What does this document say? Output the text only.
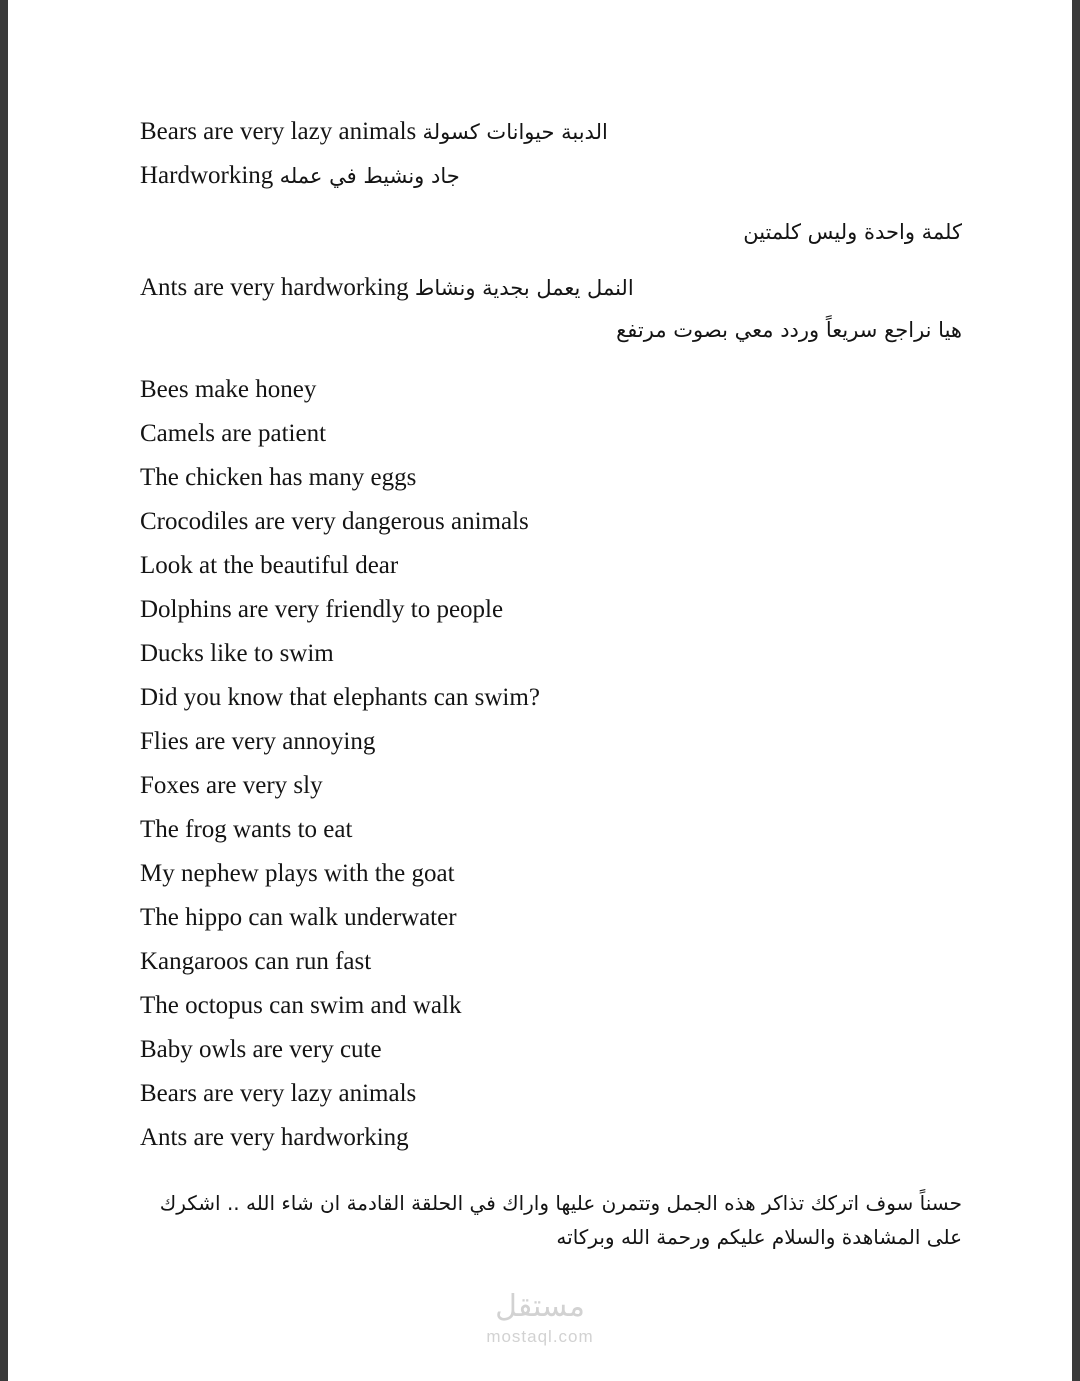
Bears are very lazy animals الدببة حيوانات كسولة
Hardworking جاد ونشيط في عمله
كلمة واحدة وليس كلمتين
Ants are very hardworking النمل يعمل بجدية ونشاط
هيا نراجع سريعاً وردد معي بصوت مرتفع
Bees make honey
Camels are patient
The chicken has many eggs
Crocodiles are very dangerous animals
Look at the beautiful dear
Dolphins are very friendly to people
Ducks like to swim
Did you know that elephants can swim?
Flies are very annoying
Foxes are very sly
The frog wants to eat
My nephew plays with the goat
The hippo can walk underwater
Kangaroos can run fast
The octopus can swim and walk
Baby owls are very cute
Bears are very lazy animals
Ants are very hardworking
حسناً سوف اتركك تذاكر هذه الجمل وتتمرن عليها واراك في الحلقة القادمة ان شاء الله .. اشكرك على المشاهدة والسلام عليكم ورحمة الله وبركاته
مستقل
mostaql.com
